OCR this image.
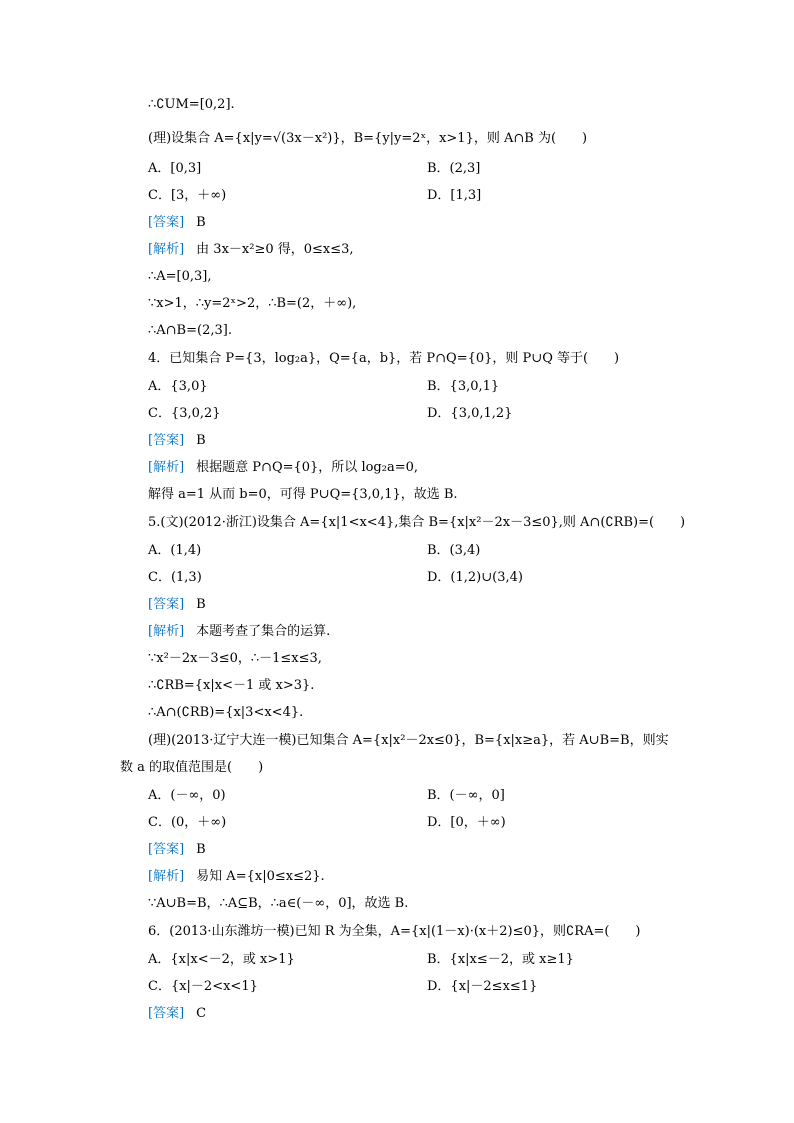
∴∁UM=[0,2].
(理)设集合 A={x|y=√(3x－x²)}，B={y|y=2ˣ，x>1}，则 A∩B 为(　　)
A．[0,3]	B．(2,3]
C．[3，＋∞)	D．[1,3]
[ 答案 ] B
[ 解析 ] 由 3x－x²≥0 得，0≤x≤3,
∴A=[0,3],
∵x>1，∴y=2ˣ>2，∴B=(2，＋∞),
∴A∩B=(2,3].
4．已知集合 P={3，log₂a}，Q={a，b}，若 P∩Q={0}，则 P∪Q 等于(　　)
A．{3,0}	B．{3,0,1}
C．{3,0,2}	D．{3,0,1,2}
[ 答案 ] B
[ 解析 ] 根据题意 P∩Q={0}，所以 log₂a=0,
解得 a=1 从而 b=0，可得 P∪Q={3,0,1}，故选 B.
5.(文)(2012·浙江)设集合 A={x|1<x<4},集合 B={x|x²－2x－3≤0},则 A∩(∁RB)=(　　)
A．(1,4)	B．(3,4)
C．(1,3)	D．(1,2)∪(3,4)
[ 答案 ] B
[ 解析 ] 本题考查了集合的运算.
∵x²－2x－3≤0，∴－1≤x≤3,
∴∁RB={x|x<－1 或 x>3}.
∴A∩(∁RB)={x|3<x<4}.
(理)(2013·辽宁大连一模)已知集合 A={x|x²－2x≤0}，B={x|x≥a}，若 A∪B=B，则实
数 a 的取值范围是(　　)
A．(－∞，0)	B．(－∞，0]
C．(0，＋∞)	D．[0，＋∞)
[ 答案 ] B
[ 解析 ] 易知 A={x|0≤x≤2}.
∵A∪B=B，∴A⊆B，∴a∈(－∞，0]，故选 B.
6．(2013·山东潍坊一模)已知 R 为全集，A={x|(1－x)·(x＋2)≤0}，则∁RA=(　　)
A．{x|x<－2，或 x>1}	B．{x|x≤－2，或 x≥1}
C．{x|－2<x<1}	D．{x|－2≤x≤1}
[ 答案 ] C
